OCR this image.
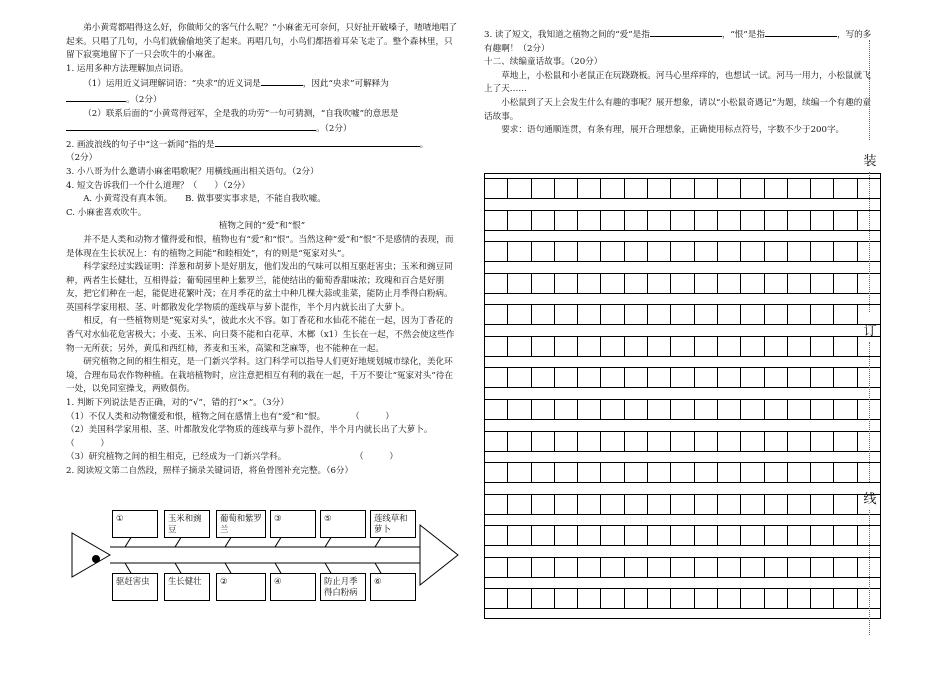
弟小黄莺都唱得这么好，你做师父的客气什么呢？”小麻雀无可奈何，只好扯开破嗓子，喳喳地唱了起来。只唱了几句，小鸟们就偷偷地笑了起来。再唱几句，小鸟们都捂着耳朵飞走了。整个森林里，只留下寂寞地留下了一只会吹牛的小麻雀。

1. 运用多种方法理解加点词语。

（1）运用近义词理解词语：“央求”的近义词是	，因此“央求”可解释为
。（2分）

（2）联系后面的“小黄莺得冠军，全是我的功劳”一句可猜测，“自我吹嘘”的意思是。（2分）

2. 画波浪线的句子中“这一新闻”指的是	。
（2分）

3. 小八哥为什么邀请小麻雀唱歌呢？用横线画出相关语句。（2分）

4. 短文告诉我们一个什么道理？（　　）（2分）

A. 小黄莺没有真本领。　　 B. 做事要实事求是，不能自我吹嘘。
C. 小麻雀喜欢吹牛。

植物之间的“爱”和“恨”

并不是人类和动物才懂得爱和恨，植物也有“爱”和“恨”。当然这种“爱”和“恨”不是感情的表现，而是体现在生长状况上：有的植物之间能“和睦相处”，有的则是“冤家对头”。

科学家经过实践证明：洋葱和胡萝卜是好朋友，他们发出的气味可以相互驱赶害虫；玉米和豌豆同种，两者生长健壮，互相得益；葡萄园里种上紫罗兰，能使结出的葡萄香甜味浓；玫瑰和百合是好朋友，把它们种在一起，能促进花繁叶茂；在月季花的盆土中种几棵大蒜或韭菜，能防止月季得白粉病。英国科学家用根、茎、叶都散发化学物质的莲线草与萝卜混作，半个月内就长出了大萝卜。

相反，有一些植物则是“冤家对头”，彼此水火不容。如丁香花和水仙花不能在一起，因为丁香花的香气对水仙花危害极大；小麦、玉米、向日葵不能和白花草、木榔（x1）生长在一起，不然会使这些作物一无所获；另外，黄瓜和西红柿，荞麦和玉米，高粱和芝麻等，也不能种在一起。

研究植物之间的相生相克，是一门新兴学科。这门科学可以指导人们更好地规划城市绿化，美化环境，合理布局农作物种植。在栽培植物时，应注意把相互有利的栽在一起，千万不要让“冤家对头”待在一处，以免同室操戈，两败俱伤。

1. 判断下列说法是否正确，对的“√”，错的打“×”。（3分）

（1）不仅人类和动物懂爱和恨，植物之间在感情上也有“爱”和“恨。　　　　（　　　）

（2）美国科学家用根、茎、叶都散发化学物质的莲线草与萝卜混作，半个月内就长出了大萝卜。　　　　　　　　　　　　　　　　　　　　　　　　　　　　　　（　　　）

（3）研究植物之间的相生相克，已经成为一门新兴学科。　　　　　　　　　（　　　）

2. 阅读短文第二自然段，照样子摘录关键词语，将鱼骨图补充完整。（6分）

①	玉米和豌豆
葡萄和紫罗兰
③	⑤	莲线草和萝卜
驱赶害虫	生长健壮	②	④	防止月季得白粉病
⑥

3. 读了短文，我知道之植物之间的“爱”是指	，“恨”是指	，写的多有趣啊！（2分）

十二、续编童话故事。（20分）

草地上，小松鼠和小老鼠正在玩跷跷板。河马心里痒痒的，也想试一试。河马一用力，小松鼠就飞上了天……

小松鼠到了天上会发生什么有趣的事呢？展开想象，请以“小松鼠奇遇记”为题，续编一个有趣的童话故事。

要求：语句通顺连贯，有条有理，展开合理想象，正确使用标点符号，字数不少于200字。

装
订
线
